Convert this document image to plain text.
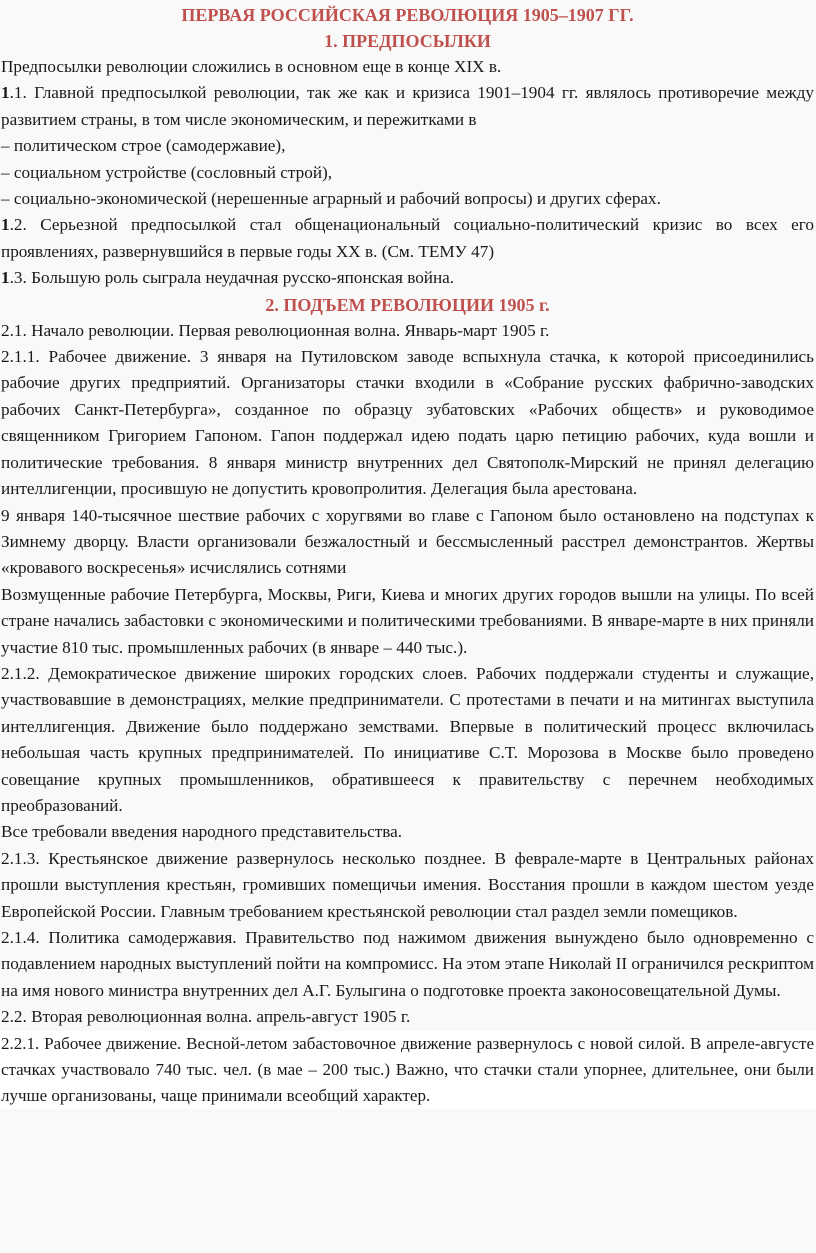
ПЕРВАЯ РОССИЙСКАЯ РЕВОЛЮЦИЯ 1905–1907 ГГ.
1. ПРЕДПОСЫЛКИ

Предпосылки революции сложились в основном еще в конце XIX в.

1.1. Главной предпосылкой революции, так же как и кризиса 1901–1904 гг. являлось противоречие между развитием страны, в том числе экономическим, и пережитками в

– политическом строе (самодержавие),

– социальном устройстве (сословный строй),

– социально-экономической (нерешенные аграрный и рабочий вопросы) и других сферах.

1.2. Серьезной предпосылкой стал общенациональный социально-политический кризис во всех его проявлениях, развернувшийся в первые годы XX в. (См. ТЕМУ 47)

1.3. Большую роль сыграла неудачная русско-японская война.

2. ПОДЪЕМ РЕВОЛЮЦИИ 1905 г.

2.1. Начало революции. Первая революционная волна. Январь-март 1905 г.

2.1.1. Рабочее движение. 3 января на Путиловском заводе вспыхнула стачка, к которой присоединились рабочие других предприятий. Организаторы стачки входили в «Собрание русских фабрично-заводских рабочих Санкт-Петербурга», созданное по образцу зубатовских «Рабочих обществ» и руководимое священником Григорием Гапоном. Гапон поддержал идею подать царю петицию рабочих, куда вошли и политические требования. 8 января министр внутренних дел Святополк-Мирский не принял делегацию интеллигенции, просившую не допустить кровопролития. Делегация была арестована.

9 января 140-тысячное шествие рабочих с хоругвями во главе с Гапоном было остановлено на подступах к Зимнему дворцу. Власти организовали безжалостный и бессмысленный расстрел демонстрантов. Жертвы «кровавого воскресенья» исчислялись сотнями

Возмущенные рабочие Петербурга, Москвы, Риги, Киева и многих других городов вышли на улицы. По всей стране начались забастовки с экономическими и политическими требованиями. В январе-марте в них приняли участие 810 тыс. промышленных рабочих (в январе – 440 тыс.).

2.1.2. Демократическое движение широких городских слоев. Рабочих поддержали студенты и служащие, участвовавшие в демонстрациях, мелкие предприниматели. С протестами в печати и на митингах выступила интеллигенция. Движение было поддержано земствами. Впервые в политический процесс включилась небольшая часть крупных предпринимателей. По инициативе С.Т. Морозова в Москве было проведено совещание крупных промышленников, обратившееся к правительству с перечнем необходимых преобразований.

Все требовали введения народного представительства.

2.1.3. Крестьянское движение развернулось несколько позднее. В феврале-марте в Центральных районах прошли выступления крестьян, громивших помещичьи имения. Восстания прошли в каждом шестом уезде Европейской России. Главным требованием крестьянской революции стал раздел земли помещиков.

2.1.4. Политика самодержавия. Правительство под нажимом движения вынуждено было одновременно с подавлением народных выступлений пойти на компромисс. На этом этапе Николай II ограничился рескриптом на имя нового министра внутренних дел А.Г. Булыгина о подготовке проекта законосовещательной Думы.

2.2. Вторая революционная волна. апрель-август 1905 г.

2.2.1. Рабочее движение. Весной-летом забастовочное движение развернулось с новой силой. В апреле-августе стачках участвовало 740 тыс. чел. (в мае – 200 тыс.) Важно, что стачки стали упорнее, длительнее, они были лучше организованы, чаще принимали всеобщий характер.
